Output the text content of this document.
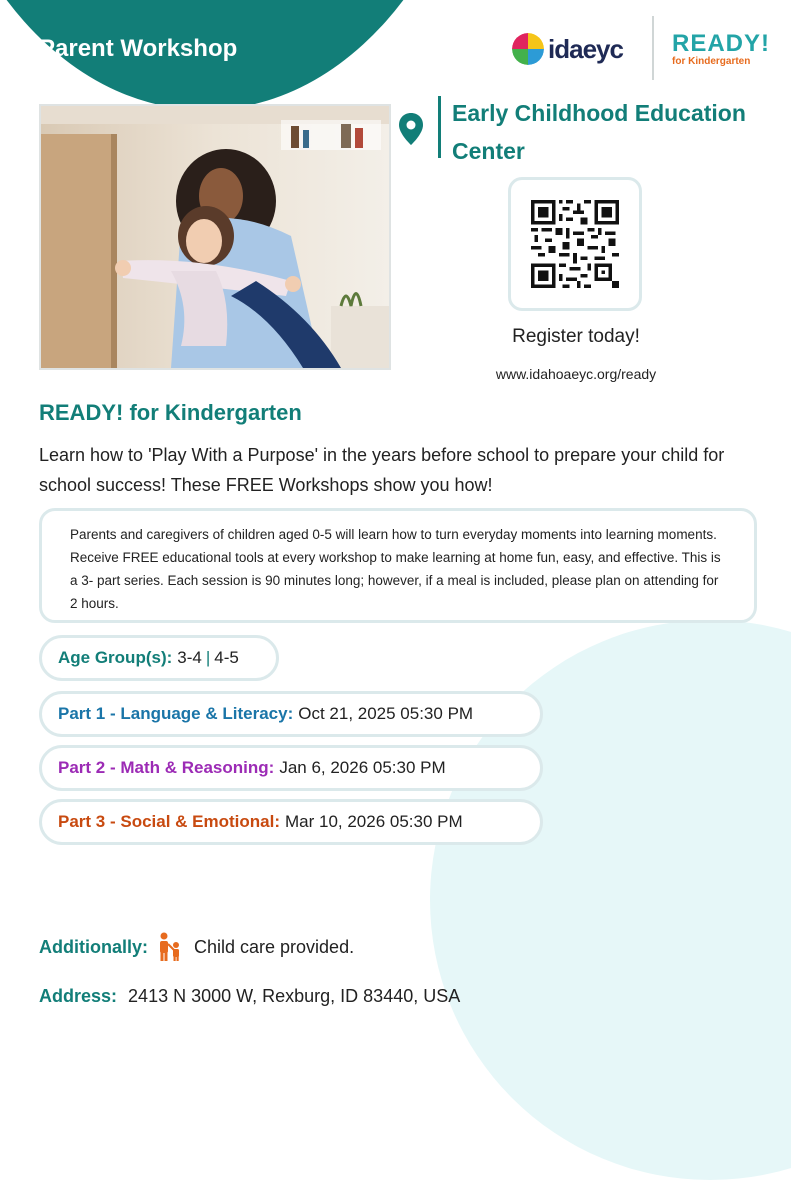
Parent Workshop	idaeyc READY!
for Kindergarten
Early Childhood Education Center
Register today!
www.idahoaeyc.org/ready
READY! for Kindergarten
Learn how to 'Play With a Purpose' in the years before school to prepare your child for school success! These FREE Workshops show you how!
Parents and caregivers of children aged 0-5 will learn how to turn everyday moments into learning moments. Receive FREE educational tools at every workshop to make learning at home fun, easy, and effective. This is a 3- part series. Each session is 90 minutes long; however, if a meal is included, please plan on attending for 2 hours.
Age Group(s): 3-4 | 4-5
Part 1 - Language & Literacy: Oct 21, 2025 05:30 PM
Part 2 - Math & Reasoning: Jan 6, 2026 05:30 PM
Part 3 - Social & Emotional: Mar 10, 2026 05:30 PM
Additionally:	Child care provided.
Address: 2413 N 3000 W, Rexburg, ID 83440, USA
